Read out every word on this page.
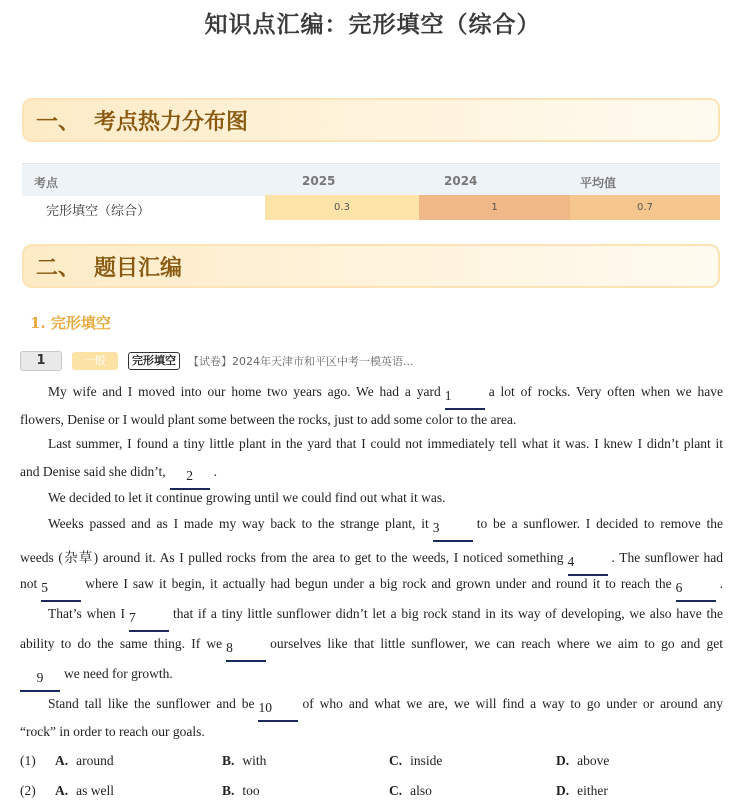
知识点汇编：完形填空（综合）
一、 考点热力分布图
考点	2025	2024	平均值
完形填空（综合）	0.3	1	0.7
二、 题目汇编
1. 完形填空
1	一般	完形填空	【试卷】2024年天津市和平区中考一模英语...
My wife and I moved into our home two years ago. We had a yard 1	a lot of rocks. Very often when we have
flowers, Denise or I would plant some between the rocks, just to add some color to the area.
Last summer, I found a tiny little plant in the yard that I could not immediately tell what it was. I knew I didn’t plant it
and Denise said she didn’t, 2 .
We decided to let it continue growing until we could find out what it was.
Weeks passed and as I made my way back to the strange plant, it 3	to be a sunflower. I decided to remove the
weeds (杂草) around it. As I pulled rocks from the area to get to the weeds, I noticed something 4	. The sunflower had
not 5	where I saw it begin, it actually had begun under a big rock and grown under and round it to reach the 6	.
That’s when I 7	that if a tiny little sunflower didn’t let a big rock stand in its way of developing, we also have the
ability to do the same thing. If we 8	ourselves like that little sunflower, we can reach where we aim to go and get
9 we need for growth.
Stand tall like the sunflower and be 10 of who and what we are, we will find a way to go under or around any
“rock” in order to reach our goals.
(1) A. around	B. with	C. inside	D. above
(2) A. as well	B. too	C. also	D. either
